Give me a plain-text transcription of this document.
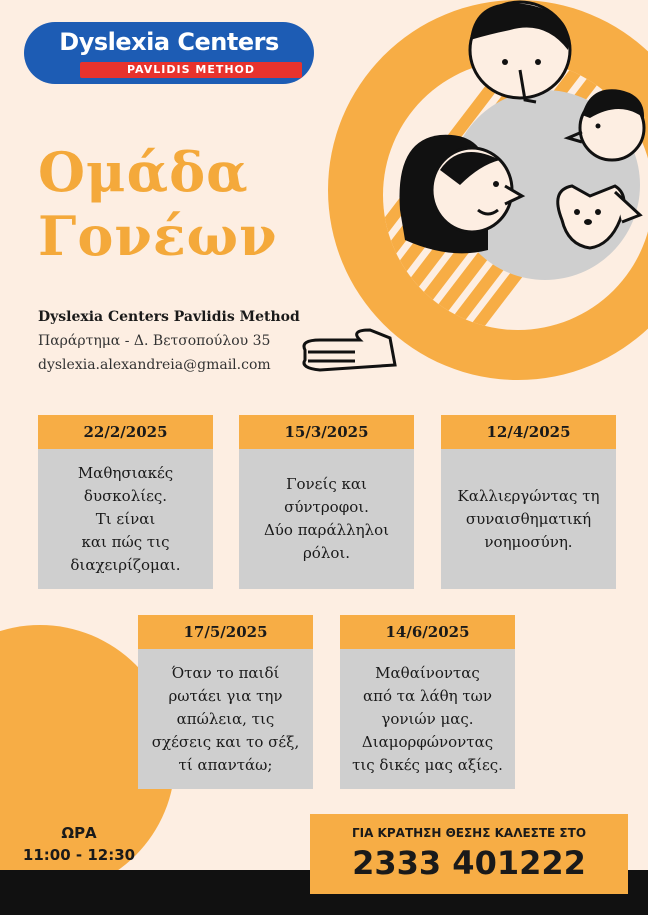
Dyslexia Centers
PAVLIDIS METHOD
Ομάδα
Γονέων
Dyslexia Centers Pavlidis Method
Παράρτημα - Δ. Βετσοπούλου 35
dyslexia.alexandreia@gmail.com
22/2/2025
Μαθησιακές
δυσκολίες.
Τι είναι
και πώς τις
διαχειρίζομαι.
15/3/2025
Γονείς και
σύντροφοι.
Δύο παράλληλοι
ρόλοι.
12/4/2025
Καλλιεργώντας τη
συναισθηματική
νοημοσύνη.
17/5/2025
Όταν το παιδί
ρωτάει για την
απώλεια, τις
σχέσεις και το σέξ,
τί απαντάω;
14/6/2025
Μαθαίνοντας
από τα λάθη των
γονιών μας.
Διαμορφώνοντας
τις δικές μας αξίες.
ΩΡΑ
11:00 - 12:30
ΓΙΑ ΚΡΑΤΗΣΗ ΘΕΣΗΣ ΚΑΛΕΣΤΕ ΣΤΟ
2333 401222
